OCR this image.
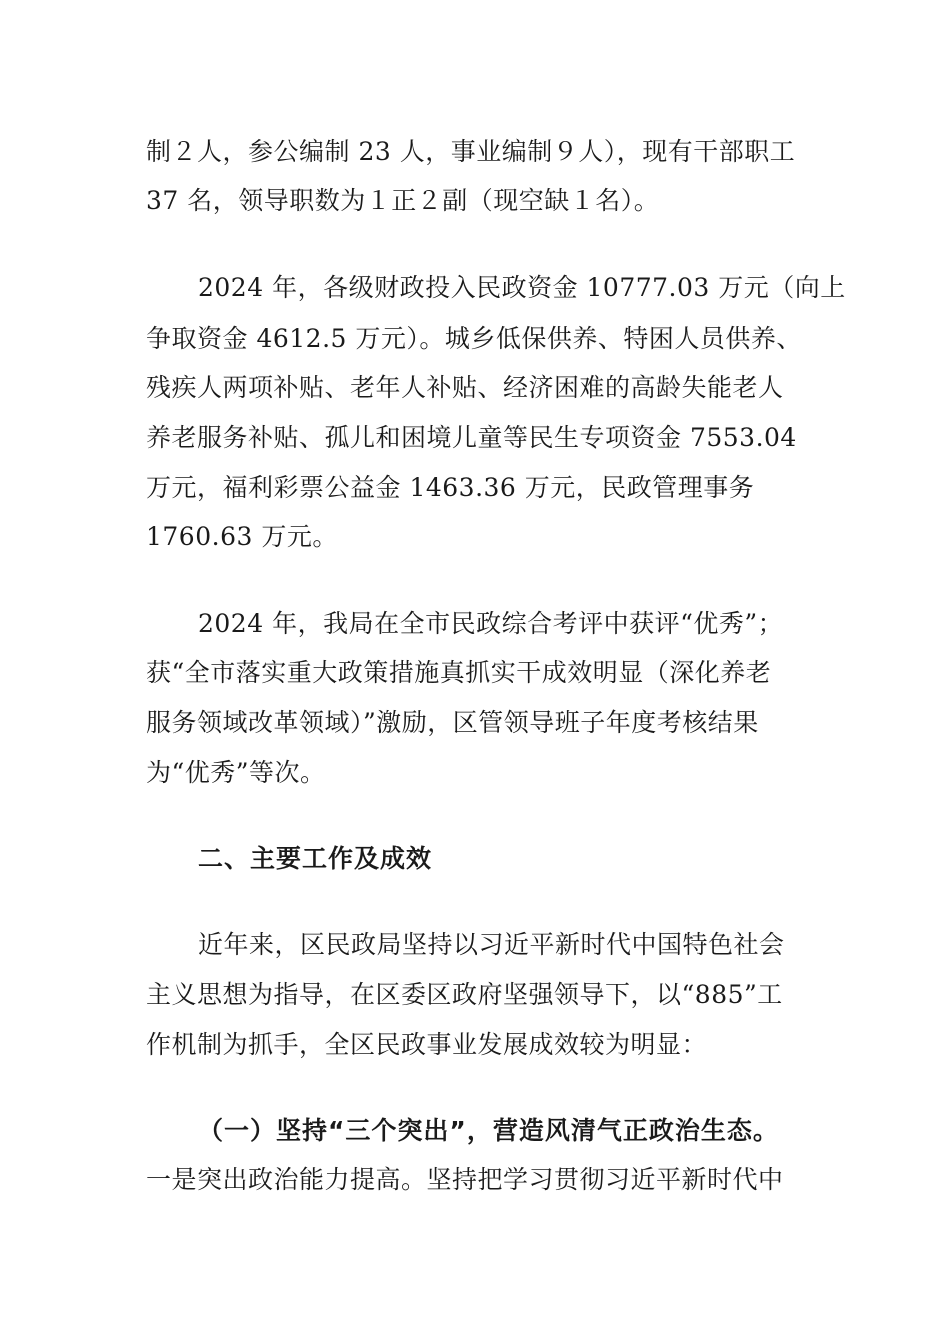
制２人，参公编制 23 人，事业编制９人），现有干部职工
37 名，领导职数为１正２副（现空缺１名）。
2024 年，各级财政投入民政资金 10777.03 万元（向上
争取资金 4612.5 万元）。城乡低保供养、特困人员供养、
残疾人两项补贴、老年人补贴、经济困难的高龄失能老人
养老服务补贴、孤儿和困境儿童等民生专项资金 7553.04
万元，福利彩票公益金 1463.36 万元，民政管理事务
1760.63 万元。
2024 年，我局在全市民政综合考评中获评“优秀”；
获“全市落实重大政策措施真抓实干成效明显（深化养老
服务领域改革领域）”激励，区管领导班子年度考核结果
为“优秀”等次。
二、主要工作及成效
近年来，区民政局坚持以习近平新时代中国特色社会
主义思想为指导，在区委区政府坚强领导下，以“885”工
作机制为抓手，全区民政事业发展成效较为明显：
（一）坚持“三个突出”，营造风清气正政治生态。
一是突出政治能力提高。坚持把学习贯彻习近平新时代中
